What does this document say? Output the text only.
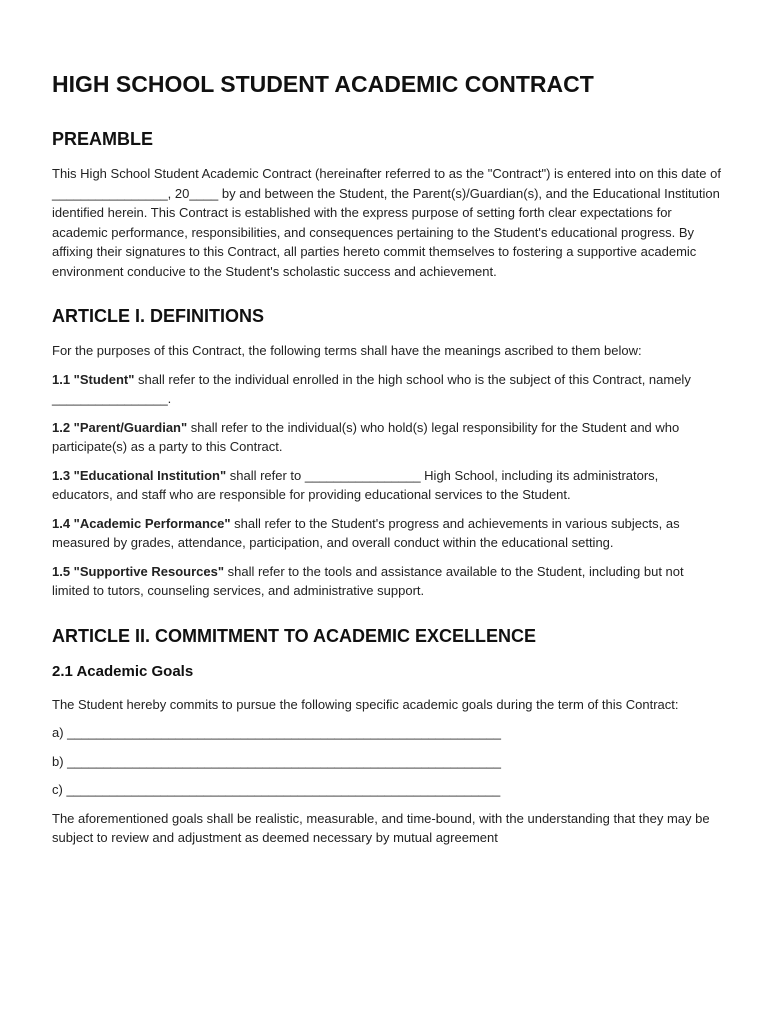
HIGH SCHOOL STUDENT ACADEMIC CONTRACT
PREAMBLE

This High School Student Academic Contract (hereinafter referred to as the "Contract") is entered into on this date of ________________, 20____ by and between the Student, the Parent(s)/Guardian(s), and the Educational Institution identified herein. This Contract is established with the express purpose of setting forth clear expectations for academic performance, responsibilities, and consequences pertaining to the Student's educational progress. By affixing their signatures to this Contract, all parties hereto commit themselves to fostering a supportive academic environment conducive to the Student's scholastic success and achievement.

ARTICLE I. DEFINITIONS

For the purposes of this Contract, the following terms shall have the meanings ascribed to them below:

1.1 "Student" shall refer to the individual enrolled in the high school who is the subject of this Contract, namely ________________.

1.2 "Parent/Guardian" shall refer to the individual(s) who hold(s) legal responsibility for the Student and who participate(s) as a party to this Contract.

1.3 "Educational Institution" shall refer to ________________ High School, including its administrators, educators, and staff who are responsible for providing educational services to the Student.

1.4 "Academic Performance" shall refer to the Student's progress and achievements in various subjects, as measured by grades, attendance, participation, and overall conduct within the educational setting.

1.5 "Supportive Resources" shall refer to the tools and assistance available to the Student, including but not limited to tutors, counseling services, and administrative support.

ARTICLE II. COMMITMENT TO ACADEMIC EXCELLENCE
2.1 Academic Goals

The Student hereby commits to pursue the following specific academic goals during the term of this Contract:

a) ____________________________________________________________

b) ____________________________________________________________

c) ____________________________________________________________

The aforementioned goals shall be realistic, measurable, and time-bound, with the understanding that they may be subject to review and adjustment as deemed necessary by mutual agreement
